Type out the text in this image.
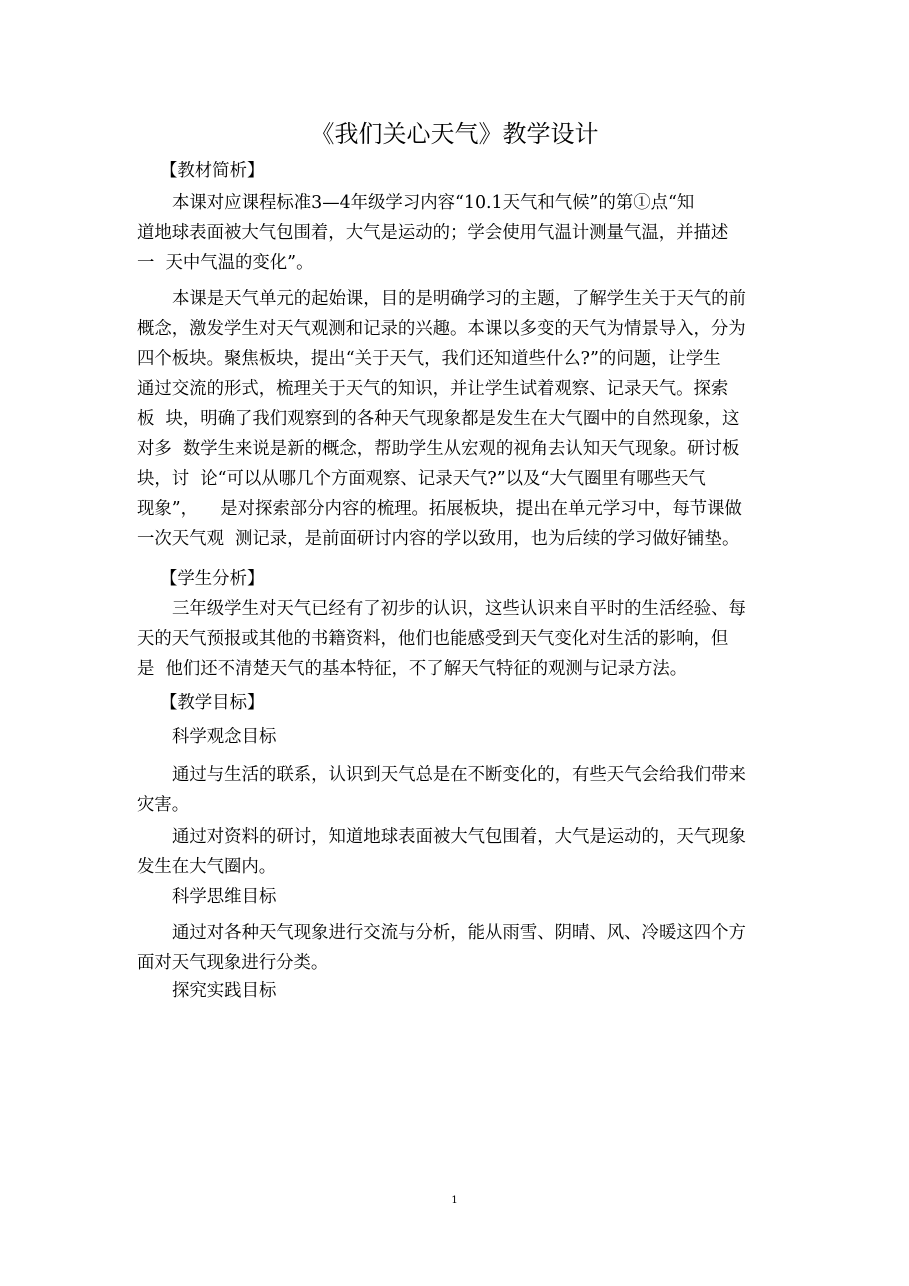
《我们关心天气》教学设计
【教材简析】
本课对应课程标准3—4年级学习内容“10.1天气和气候”的第①点“知
道地球表面被大气包围着，大气是运动的；学会使用气温计测量气温，并描述
一  天中气温的变化”。
本课是天气单元的起始课，目的是明确学习的主题，了解学生关于天气的前
概念，激发学生对天气观测和记录的兴趣。本课以多变的天气为情景导入，分为
四个板块。聚焦板块，提出“关于天气，我们还知道些什么?”的问题，让学生
通过交流的形式，梳理关于天气的知识，并让学生试着观察、记录天气。探索
板  块，明确了我们观察到的各种天气现象都是发生在大气圈中的自然现象，这
对多  数学生来说是新的概念，帮助学生从宏观的视角去认知天气现象。研讨板
块，讨  论“可以从哪几个方面观察、记录天气?”以及“大气圈里有哪些天气
现象”，    是对探索部分内容的梳理。拓展板块，提出在单元学习中，每节课做
一次天气观  测记录，是前面研讨内容的学以致用，也为后续的学习做好铺垫。
【学生分析】
三年级学生对天气已经有了初步的认识，这些认识来自平时的生活经验、每
天的天气预报或其他的书籍资料，他们也能感受到天气变化对生活的影响，但
是  他们还不清楚天气的基本特征，不了解天气特征的观测与记录方法。
【教学目标】
科学观念目标
通过与生活的联系，认识到天气总是在不断变化的，有些天气会给我们带来
灾害。
通过对资料的研讨，知道地球表面被大气包围着，大气是运动的，天气现象
发生在大气圈内。
科学思维目标
通过对各种天气现象进行交流与分析，能从雨雪、阴晴、风、冷暖这四个方
面对天气现象进行分类。
探究实践目标
1
